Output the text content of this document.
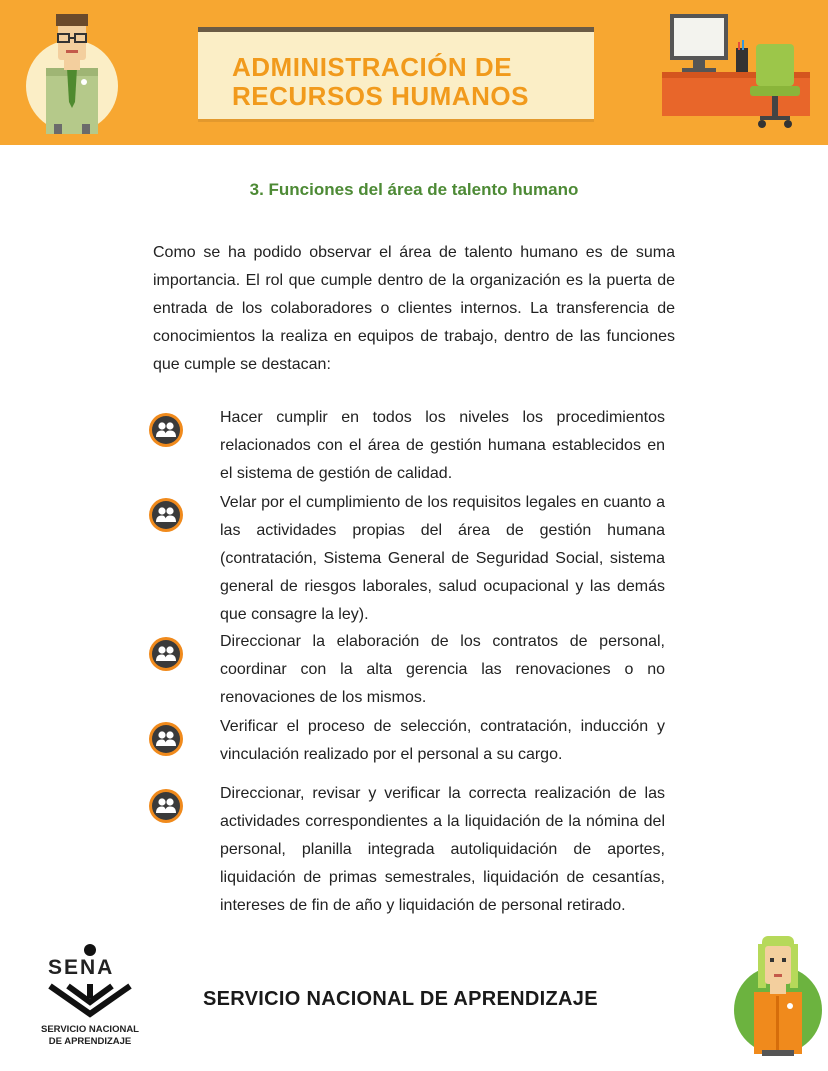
ADMINISTRACIÓN DE
RECURSOS HUMANOS
3. Funciones del área de talento humano

Como se ha podido observar el área de talento humano es de suma importancia. El rol que cumple dentro de la organización es la puerta de entrada de los colaboradores o clientes internos. La transferencia de conocimientos la realiza en equipos de trabajo, dentro de las funciones que cumple se destacan:

Hacer cumplir en todos los niveles los procedimientos relacionados con el área de gestión humana establecidos en el sistema de gestión de calidad.
Velar por el cumplimiento de los requisitos legales en cuanto a las actividades propias del área de gestión humana (contratación, Sistema General de Seguridad Social, sistema general de riesgos laborales, salud ocupacional y las demás que consagre la ley).
Direccionar la elaboración de los contratos de personal, coordinar con la alta gerencia las renovaciones o no renovaciones de los mismos.
Verificar el proceso de selección, contratación, inducción y vinculación realizado por el personal a su cargo.
Direccionar, revisar y verificar la correcta realización de las actividades correspondientes a la liquidación de la nómina del personal, planilla integrada autoliquidación de aportes, liquidación de primas semestrales, liquidación de cesantías, intereses de fin de año y liquidación de personal retirado.
SENA
SERVICIO NACIONAL
DE APRENDIZAJE
SERVICIO NACIONAL DE APRENDIZAJE
